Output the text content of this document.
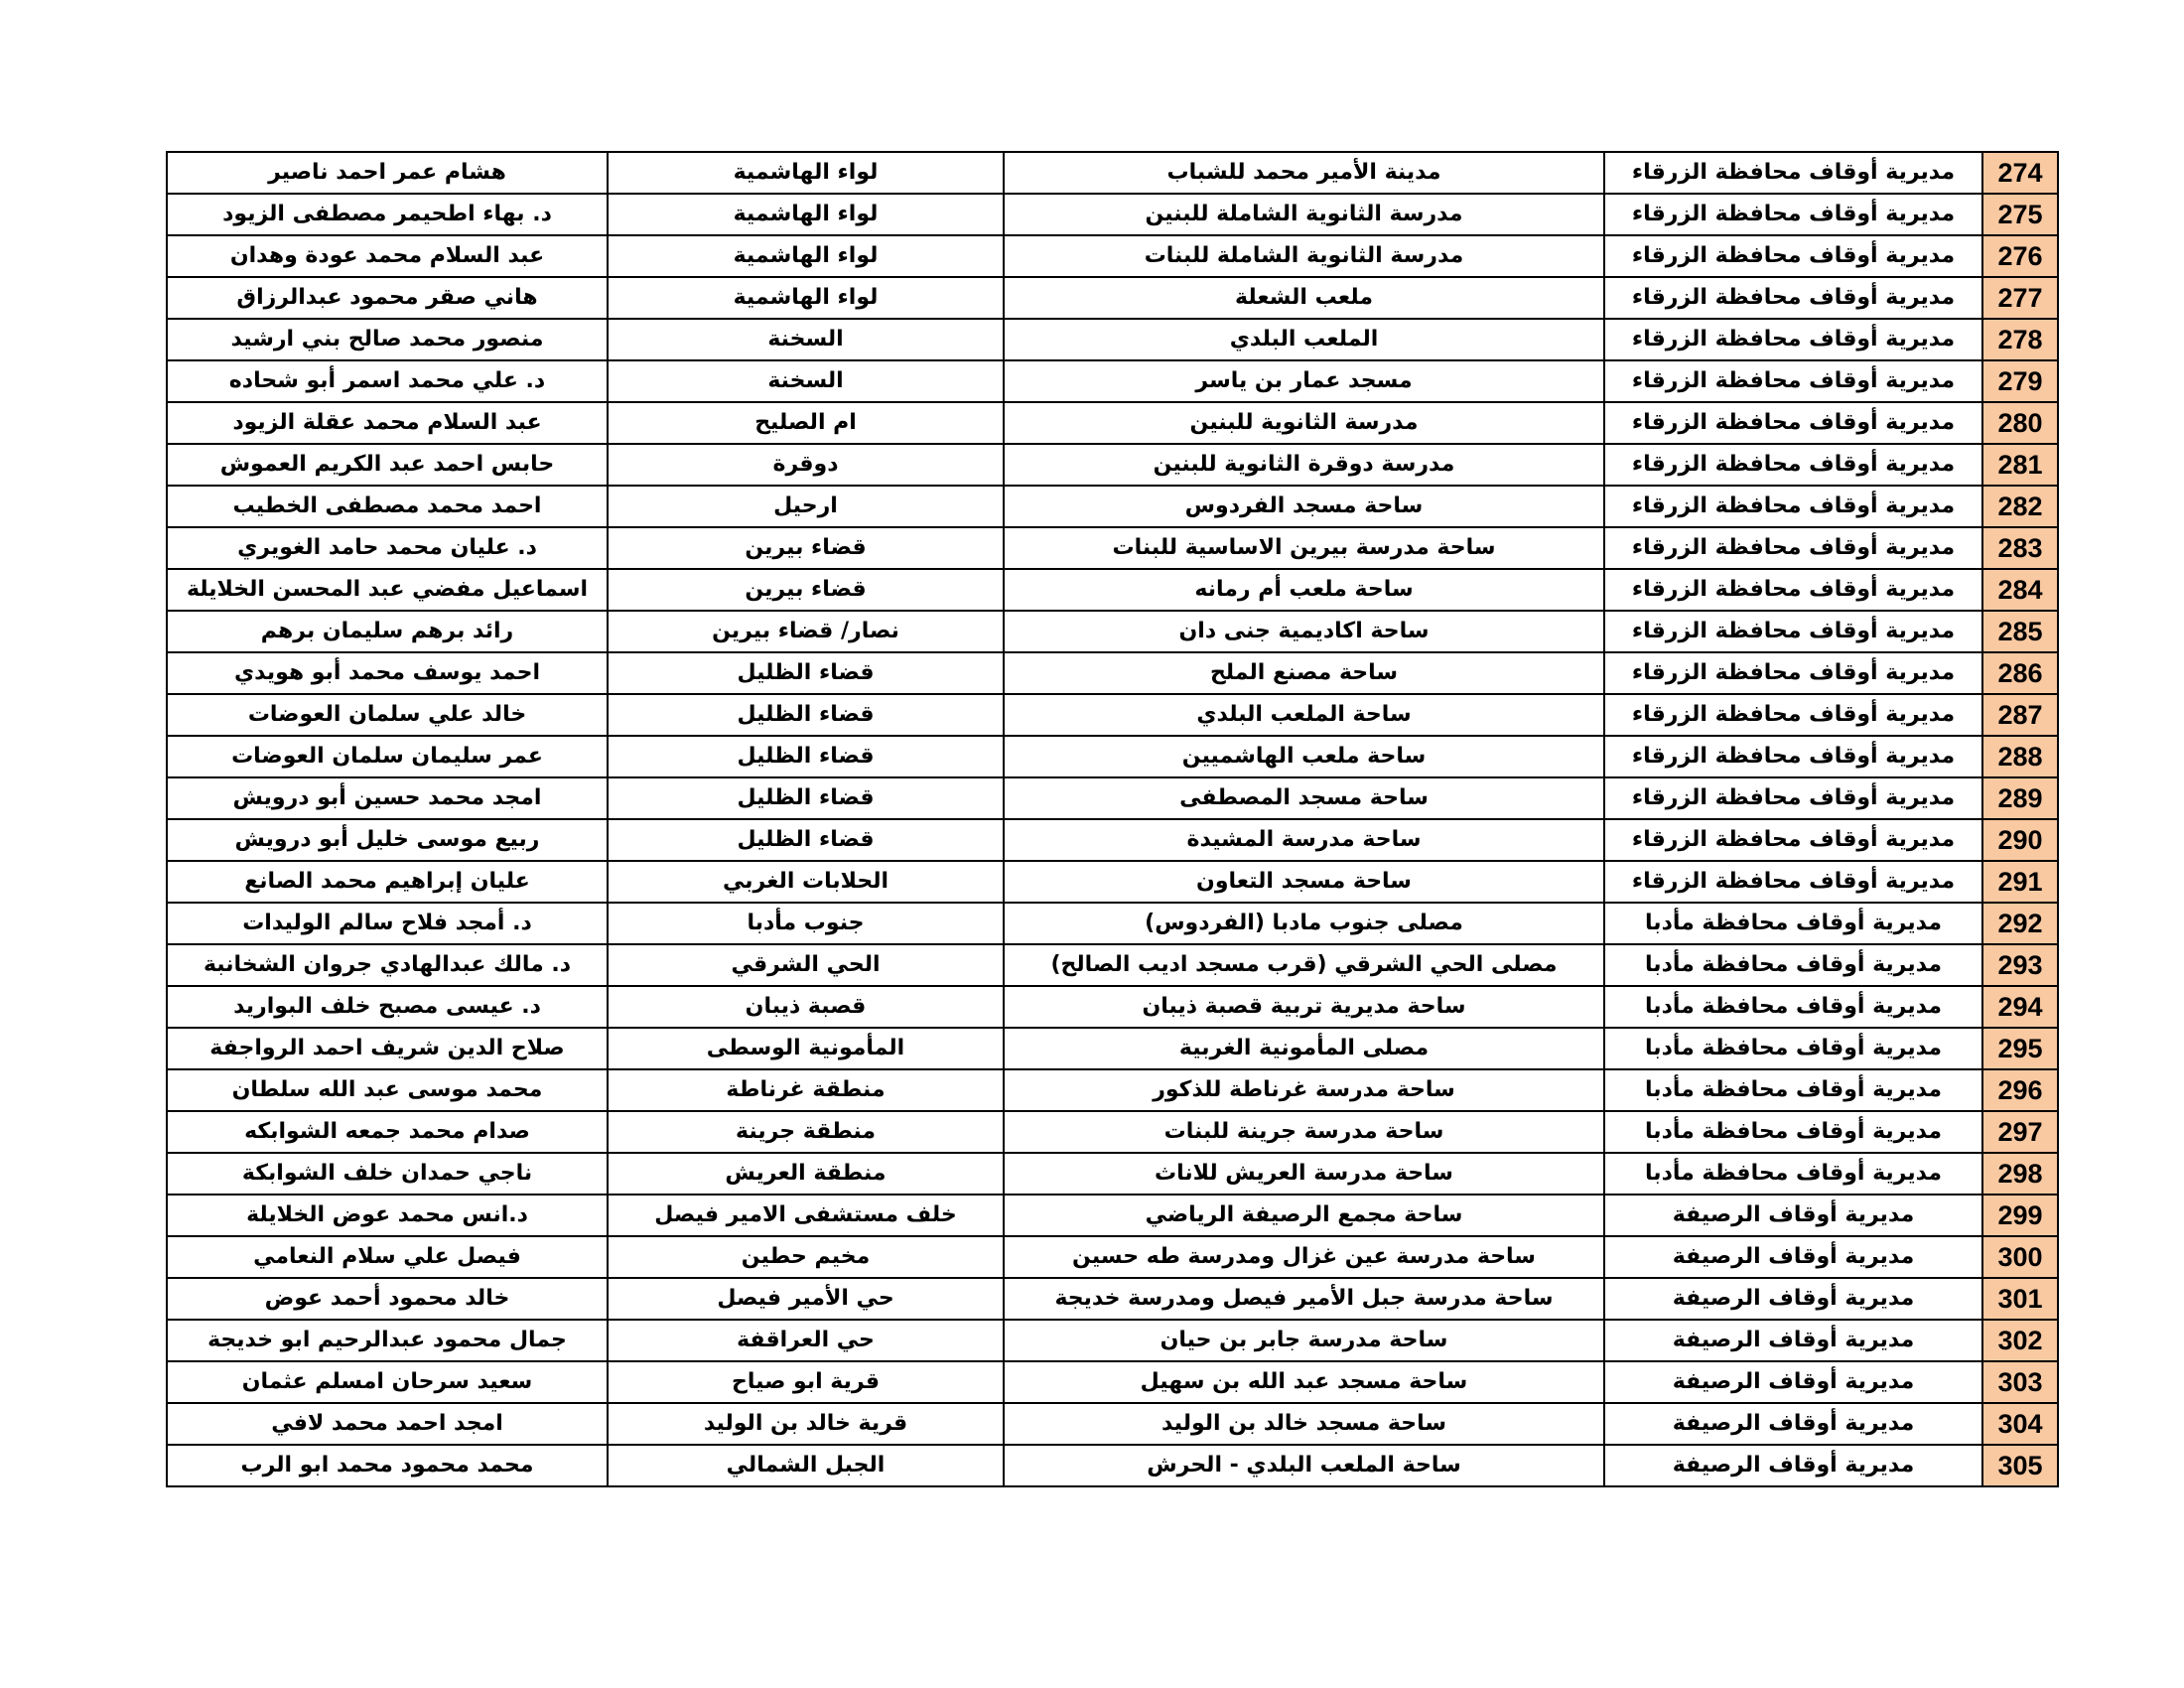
274	مديرية أوقاف محافظة الزرقاء	مدينة الأمير محمد للشباب	لواء الهاشمية	هشام عمر احمد ناصير
275	مديرية أوقاف محافظة الزرقاء	مدرسة الثانوية الشاملة للبنين	لواء الهاشمية	د. بهاء اطحيمر مصطفى الزيود
276	مديرية أوقاف محافظة الزرقاء	مدرسة الثانوية الشاملة للبنات	لواء الهاشمية	عبد السلام محمد عودة وهدان
277	مديرية أوقاف محافظة الزرقاء	ملعب الشعلة	لواء الهاشمية	هاني صقر محمود عبدالرزاق
278	مديرية أوقاف محافظة الزرقاء	الملعب البلدي	السخنة	منصور محمد صالح بني ارشيد
279	مديرية أوقاف محافظة الزرقاء	مسجد عمار بن ياسر	السخنة	د. علي محمد اسمر أبو شحاده
280	مديرية أوقاف محافظة الزرقاء	مدرسة الثانوية للبنين	ام الصليح	عبد السلام محمد عقلة الزيود
281	مديرية أوقاف محافظة الزرقاء	مدرسة دوقرة الثانوية للبنين	دوقرة	حابس احمد عبد الكريم العموش
282	مديرية أوقاف محافظة الزرقاء	ساحة مسجد الفردوس	ارحيل	احمد محمد مصطفى الخطيب
283	مديرية أوقاف محافظة الزرقاء	ساحة مدرسة بيرين الاساسية للبنات	قضاء بيرين	د. عليان محمد حامد الغويري
284	مديرية أوقاف محافظة الزرقاء	ساحة ملعب أم رمانه	قضاء بيرين	اسماعيل مفضي عبد المحسن الخلايلة
285	مديرية أوقاف محافظة الزرقاء	ساحة اكاديمية جنى دان	نصار/ قضاء بيرين	رائد برهم سليمان برهم
286	مديرية أوقاف محافظة الزرقاء	ساحة مصنع الملح	قضاء الظليل	احمد يوسف محمد أبو هويدي
287	مديرية أوقاف محافظة الزرقاء	ساحة الملعب البلدي	قضاء الظليل	خالد علي سلمان العوضات
288	مديرية أوقاف محافظة الزرقاء	ساحة ملعب الهاشميين	قضاء الظليل	عمر سليمان سلمان العوضات
289	مديرية أوقاف محافظة الزرقاء	ساحة مسجد المصطفى	قضاء الظليل	امجد محمد حسين أبو درويش
290	مديرية أوقاف محافظة الزرقاء	ساحة مدرسة المشيدة	قضاء الظليل	ربيع موسى خليل أبو درويش
291	مديرية أوقاف محافظة الزرقاء	ساحة مسجد التعاون	الحلابات الغربي	عليان إبراهيم محمد الصانع
292	مديرية أوقاف محافظة مأدبا	مصلى جنوب مادبا (الفردوس)	جنوب مأدبا	د. أمجد فلاح سالم الوليدات
293	مديرية أوقاف محافظة مأدبا	مصلى الحي الشرقي (قرب مسجد اديب الصالح)	الحي الشرقي	د. مالك عبدالهادي جروان الشخانبة
294	مديرية أوقاف محافظة مأدبا	ساحة مديرية تربية قصبة ذيبان	قصبة ذيبان	د. عيسى مصبح خلف البواريد
295	مديرية أوقاف محافظة مأدبا	مصلى المأمونية الغربية	المأمونية الوسطى	صلاح الدين شريف احمد الرواجفة
296	مديرية أوقاف محافظة مأدبا	ساحة مدرسة غرناطة للذكور	منطقة غرناطة	محمد موسى عبد الله سلطان
297	مديرية أوقاف محافظة مأدبا	ساحة مدرسة جرينة للبنات	منطقة جرينة	صدام محمد جمعه الشوابكه
298	مديرية أوقاف محافظة مأدبا	ساحة مدرسة العريش للاناث	منطقة العريش	ناجي حمدان خلف الشوابكة
299	مديرية أوقاف الرصيفة	ساحة مجمع الرصيفة الرياضي	خلف مستشفى الامير فيصل	د.انس محمد عوض الخلايلة
300	مديرية أوقاف الرصيفة	ساحة مدرسة عين غزال ومدرسة طه حسين	مخيم حطين	فيصل علي سلام النعامي
301	مديرية أوقاف الرصيفة	ساحة مدرسة جبل الأمير فيصل ومدرسة خديجة	حي الأمير فيصل	خالد محمود أحمد عوض
302	مديرية أوقاف الرصيفة	ساحة مدرسة جابر بن حيان	حي العراقفة	جمال محمود عبدالرحيم ابو خديجة
303	مديرية أوقاف الرصيفة	ساحة مسجد عبد الله بن سهيل	قرية ابو صياح	سعيد سرحان امسلم عثمان
304	مديرية أوقاف الرصيفة	ساحة مسجد خالد بن الوليد	قرية خالد بن الوليد	امجد احمد محمد لافي
305	مديرية أوقاف الرصيفة	ساحة الملعب البلدي - الحرش	الجبل الشمالي	محمد محمود محمد ابو الرب
